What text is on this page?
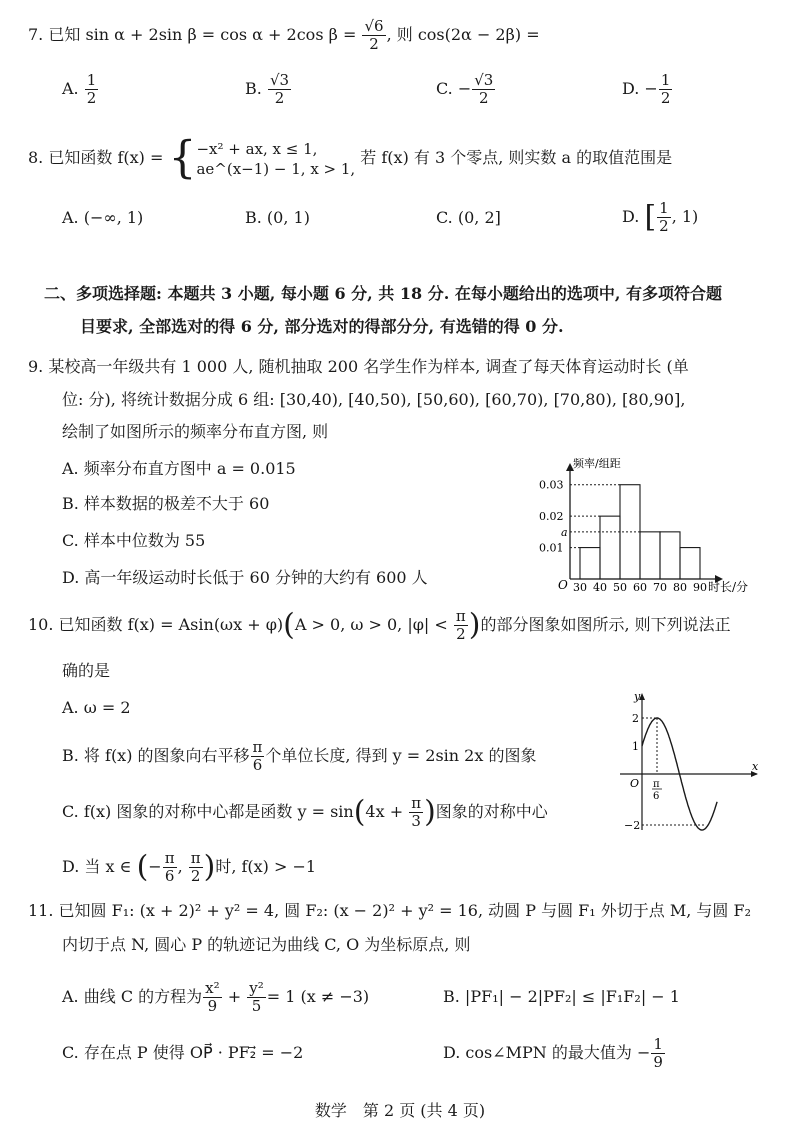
7. 已知 sin α + 2sin β = cos α + 2cos $\beta = \frac{√6}{2}$ , 则 cos(2α − 2β) =
A. $\frac{1}{2}$	B. $\frac{√3}{2}$	C. − $\frac{√3}{2}$	D. − $\frac{1}{2}$
8. 已知函数 f(x) = { −x² + ax, x ≤ 1,
ae^(x−1) − 1, x > 1,
若 f(x) 有 3 个零点, 则实数 a 的取值范围是
A. (−∞, 1)	B. (0, 1)	C. (0, 2]	D. [ $\frac{1}{2}$ , 1)
二、多项选择题: 本题共 3 小题, 每小题 6 分, 共 18 分. 在每小题给出的选项中, 有多项符合题
目要求, 全部选对的得 6 分, 部分选对的得部分分, 有选错的得 0 分.
9. 某校高一年级共有 1 000 人, 随机抽取 200 名学生作为样本, 调查了每天体育运动时长 (单
位: 分), 将统计数据分成 6 组: [30,40), [40,50), [50,60), [60,70), [70,80), [80,90],
绘制了如图所示的频率分布直方图, 则
A. 频率分布直方图中 a = 0.015
B. 样本数据的极差不大于 60
C. 样本中位数为 55
D. 高一年级运动时长低于 60 分钟的大约有 600 人
频率/组距
时长/分
O
0.01
a
0.02
0.03
30 40 50 60 70 80 90
10. 已知函数 f(x) = Asin(ωx + φ)(A > 0, ω > 0, $|\varphi| < \frac{\pi}{2}$ )的部分图象如图所示, 则下列说法正
确的是
A. ω = 2
B. 将 f(x) 的图象向右平移 $\frac{\pi}{6}$ 个单位长度, 得到 y = 2sin 2x 的图象
C. f(x) 图象的对称中心都是函数 $y = \sin(4x + \frac{\pi}{3}$ )图象的对称中心
D. 当 x ∈ (− $\frac{\pi}{6}$ , $\frac{\pi}{2}$ )时, f(x) > −1
y
x
O
2
1
−2
π
6
11. 已知圆 F₁: (x + 2)² + y² = 4, 圆 F₂: (x − 2)² + y² = 16, 动圆 P 与圆 F₁ 外切于点 M, 与圆 F₂
内切于点 N, 圆心 P 的轨迹记为曲线 C, O 为坐标原点, 则
A. 曲线 C 的方程为 $\frac{\text{x²}}{9} + \frac{\text{y²}}{5} = 1$ (x ≠ −3)	B. |PF₁| − 2|PF₂| ≤ |F₁F₂| − 1
C. 存在点 P 使得 OP⃗ · PF₂⃗ = −2	D. cos∠MPN 的最大值为 − $\frac{1}{9}$
数学　第 2 页 (共 4 页)
